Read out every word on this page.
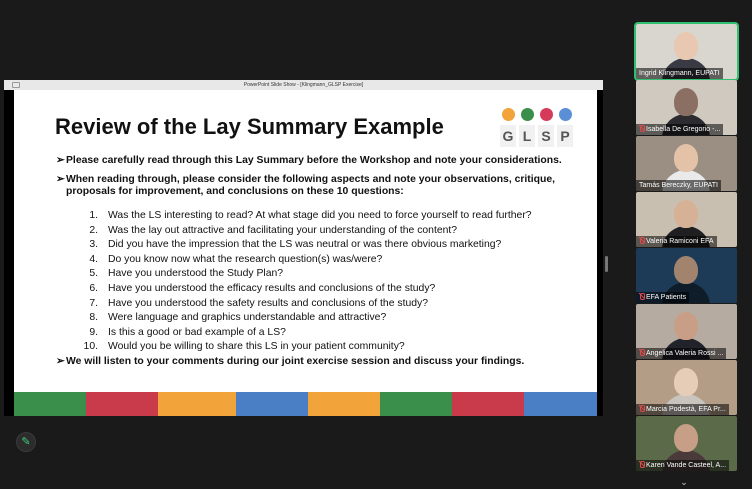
PowerPoint Slide Show - [Klingmann_GLSP Exercise]
Review of the Lay Summary Example	G L S P
➢Please carefully read through this Lay Summary before the Workshop and note your considerations.
➢When reading through, please consider the following aspects and note your observations, critique,
proposals for improvement, and conclusions on these 10 questions:
1. Was the LS interesting to read? At what stage did you need to force yourself to read further?
2. Was the lay out attractive and facilitating your understanding of the content?
3. Did you have the impression that the LS was neutral or was there obvious marketing?
4. Do you know now what the research question(s) was/were?
5. Have you understood the Study Plan?
6. Have you understood the efficacy results and conclusions of the study?
7. Have you understood the safety results and conclusions of the study?
8. Were language and graphics understandable and attractive?
9. Is this a good or bad example of a LS?
10. Would you be willing to share this LS in your patient community?
➢We will listen to your comments during our joint exercise session and discuss your findings.
Ingrid Klingmann, EUPATI
Isabella De Gregorio -...
Tamás Bereczky, EUPATI
Valeria Ramiconi EFA
EFA Patients
Angelica Valeria Rossi ...
Marcia Podestà, EFA Pr...
Karen Vande Casteel, A...
⌄
✎
